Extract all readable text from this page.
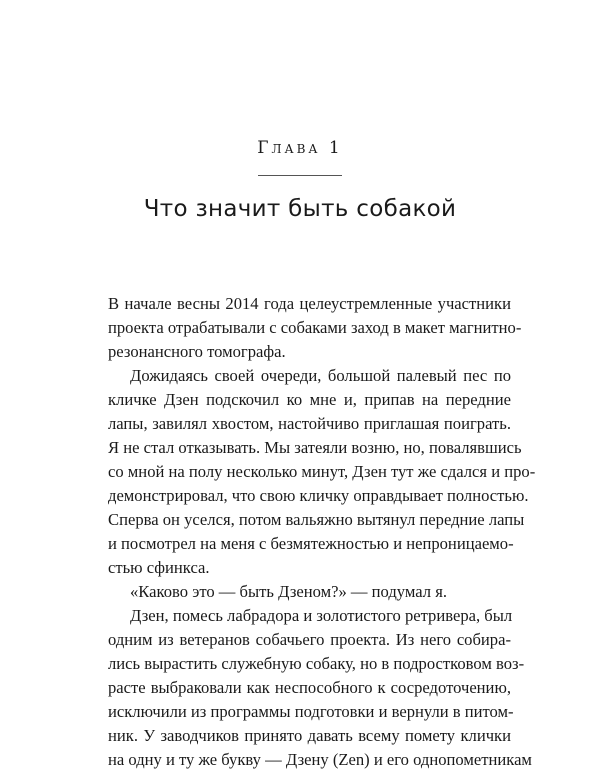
Глава 1
Что значит быть собакой
В начале весны 2014 года целеустремленные участники
проекта отрабатывали с собаками заход в макет магнитно-
резонансного томографа.
Дожидаясь своей очереди, большой палевый пес по
кличке Дзен подскочил ко мне и, припав на передние
лапы, завилял хвостом, настойчиво приглашая поиграть.
Я не стал отказывать. Мы затеяли возню, но, повалявшись
со мной на полу несколько минут, Дзен тут же сдался и про-
демонстрировал, что свою кличку оправдывает полностью.
Сперва он уселся, потом вальяжно вытянул передние лапы
и посмотрел на меня с безмятежностью и непроницаемо-
стью сфинкса.
«Каково это — быть Дзеном?» — подумал я.
Дзен, помесь лабрадора и золотистого ретривера, был
одним из ветеранов собачьего проекта. Из него собира-
лись вырастить служебную собаку, но в подростковом воз-
расте выбраковали как неспособного к сосредоточению,
исключили из программы подготовки и вернули в питом-
ник. У заводчиков принято давать всему помету клички
на одну и ту же букву — Дзену (Zen) и его однопометникам
